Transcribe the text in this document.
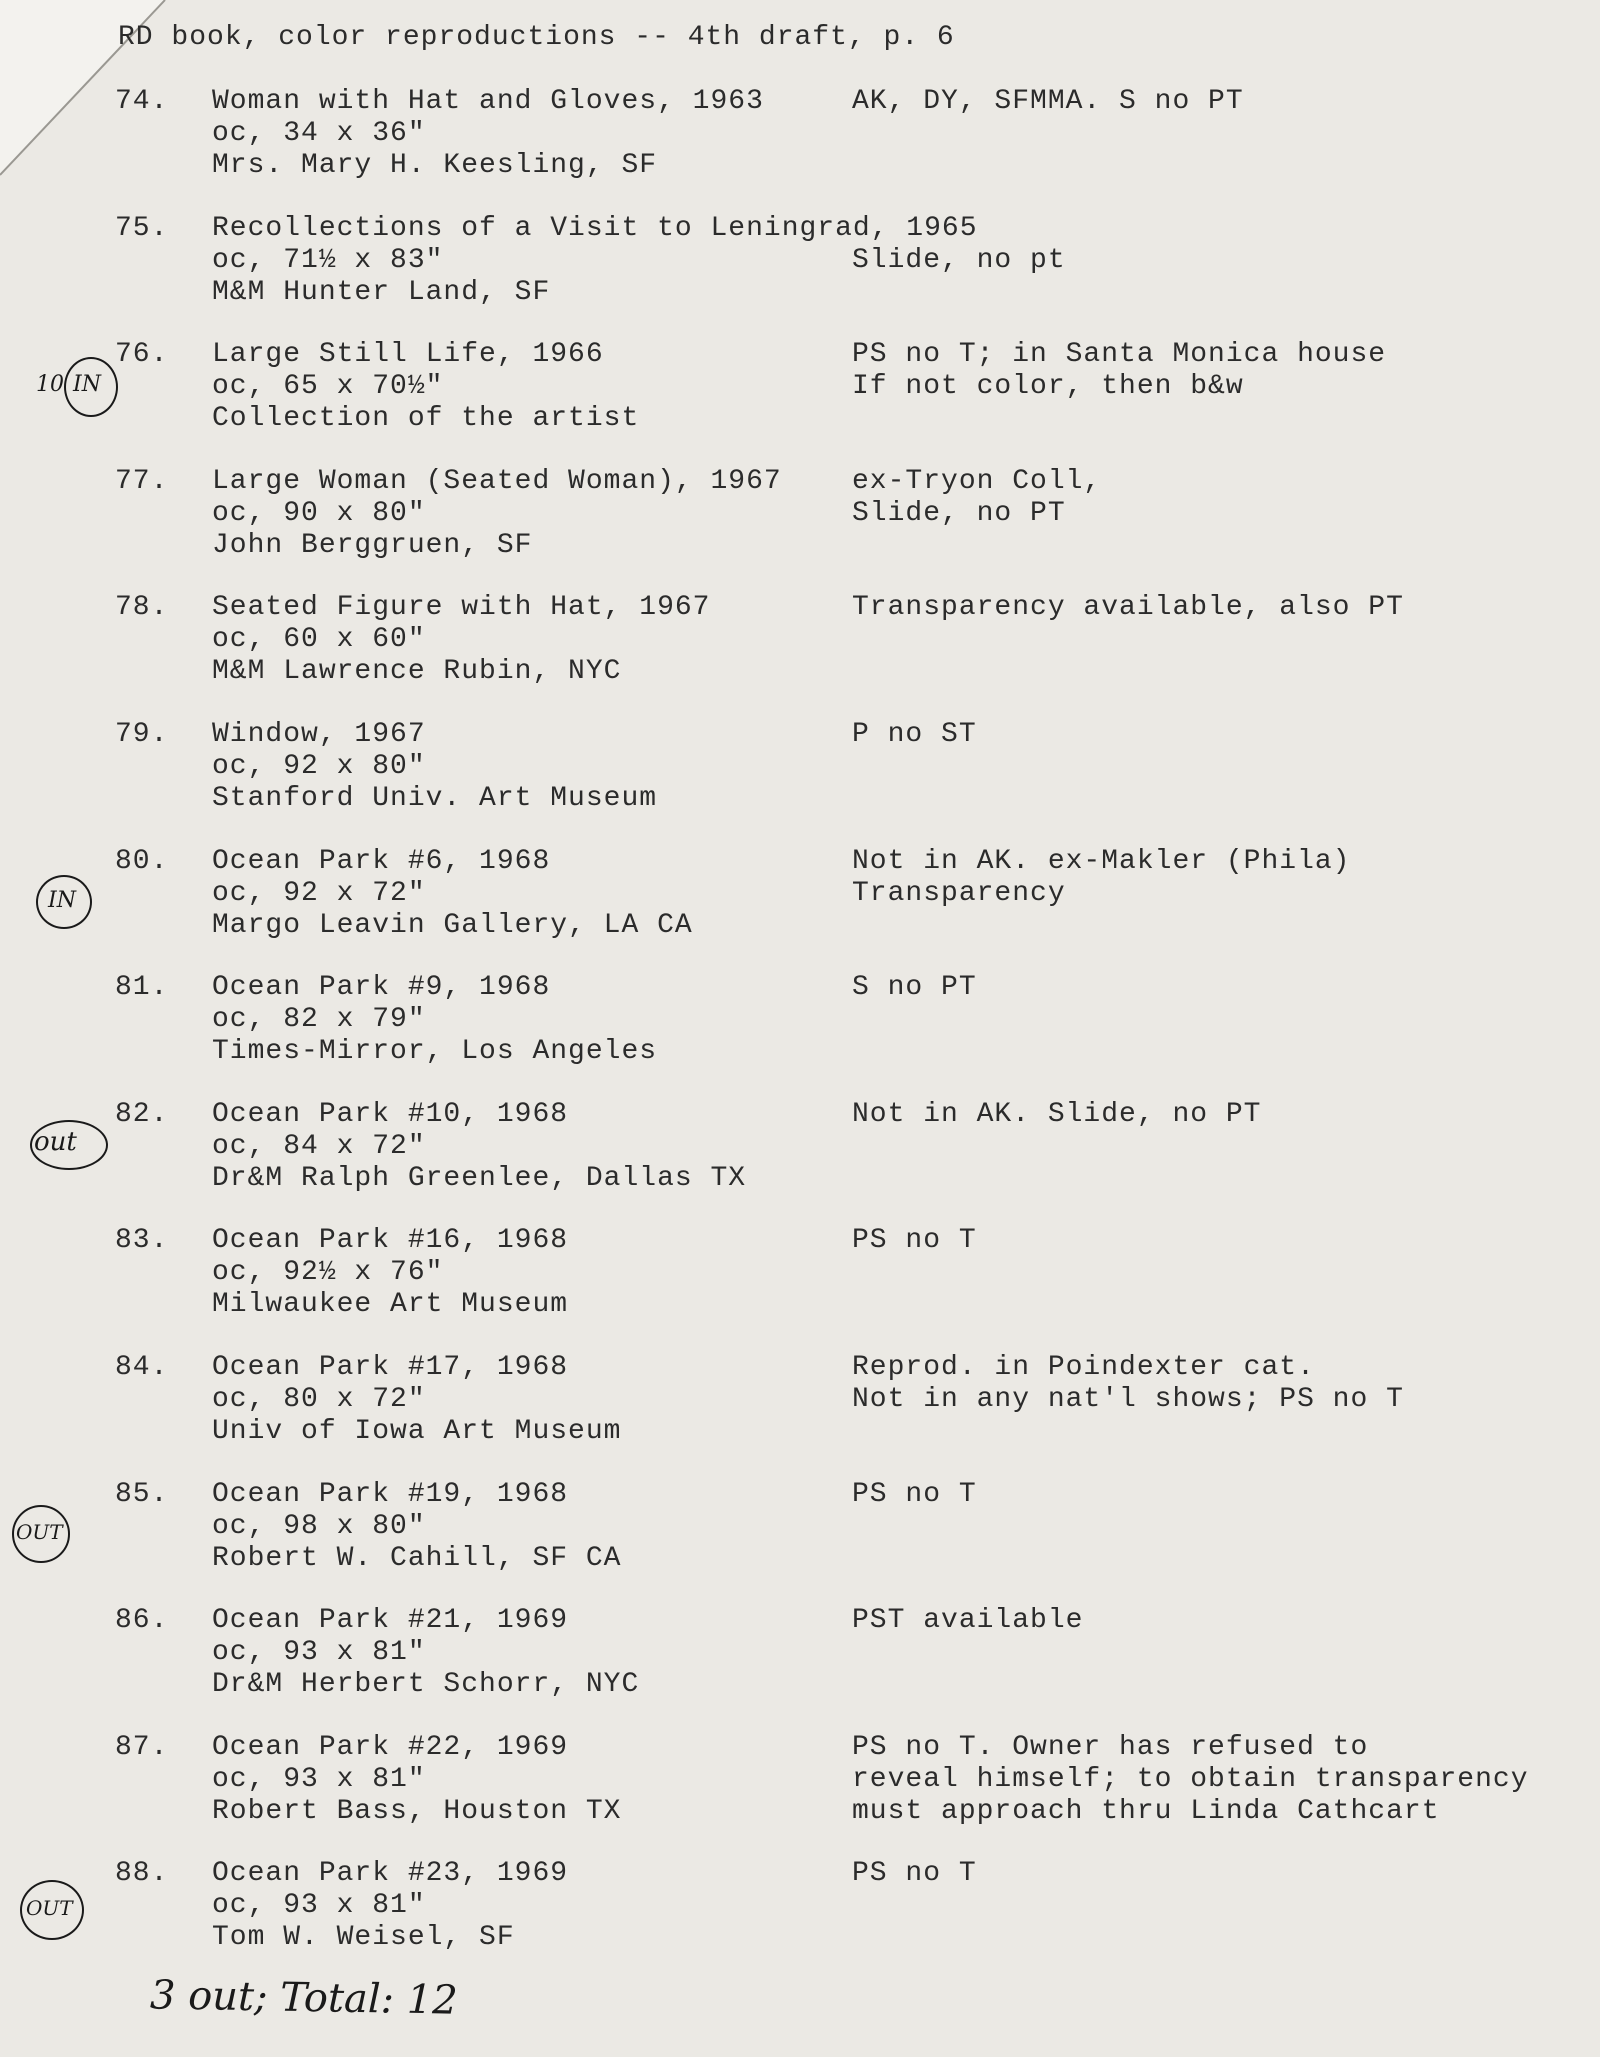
RD book, color reproductions -- 4th draft, p. 6
74. Woman with Hat and Gloves, 1963
oc, 34 x 36"
Mrs. Mary H. Keesling, SF
AK, DY, SFMMA. S no PT
75. Recollections of a Visit to Leningrad, 1965
oc, 71½ x 83"
M&M Hunter Land, SF
Slide, no pt
76. Large Still Life, 1966
oc, 65 x 70½"
Collection of the artist
PS no T; in Santa Monica house
If not color, then b&w
77. Large Woman (Seated Woman), 1967
oc, 90 x 80"
John Berggruen, SF
ex-Tryon Coll,
Slide, no PT
78. Seated Figure with Hat, 1967
oc, 60 x 60"
M&M Lawrence Rubin, NYC
Transparency available, also PT
79. Window, 1967
oc, 92 x 80"
Stanford Univ. Art Museum
P no ST
80. Ocean Park #6, 1968
oc, 92 x 72"
Margo Leavin Gallery, LA CA
Not in AK. ex-Makler (Phila)
Transparency
81. Ocean Park #9, 1968
oc, 82 x 79"
Times-Mirror, Los Angeles
S no PT
82. Ocean Park #10, 1968
oc, 84 x 72"
Dr&M Ralph Greenlee, Dallas TX
Not in AK. Slide, no PT
83. Ocean Park #16, 1968
oc, 92½ x 76"
Milwaukee Art Museum
PS no T
84. Ocean Park #17, 1968
oc, 80 x 72"
Univ of Iowa Art Museum
Reprod. in Poindexter cat.
Not in any nat'l shows; PS no T
85. Ocean Park #19, 1968
oc, 98 x 80"
Robert W. Cahill, SF CA
PS no T
86. Ocean Park #21, 1969
oc, 93 x 81"
Dr&M Herbert Schorr, NYC
PST available
87. Ocean Park #22, 1969
oc, 93 x 81"
Robert Bass, Houston TX
PS no T. Owner has refused to
reveal himself; to obtain transparency
must approach thru Linda Cathcart
88. Ocean Park #23, 1969
oc, 93 x 81"
Tom W. Weisel, SF
PS no T
10 IN
IN
out
OUT
OUT
3 out; Total: 12
